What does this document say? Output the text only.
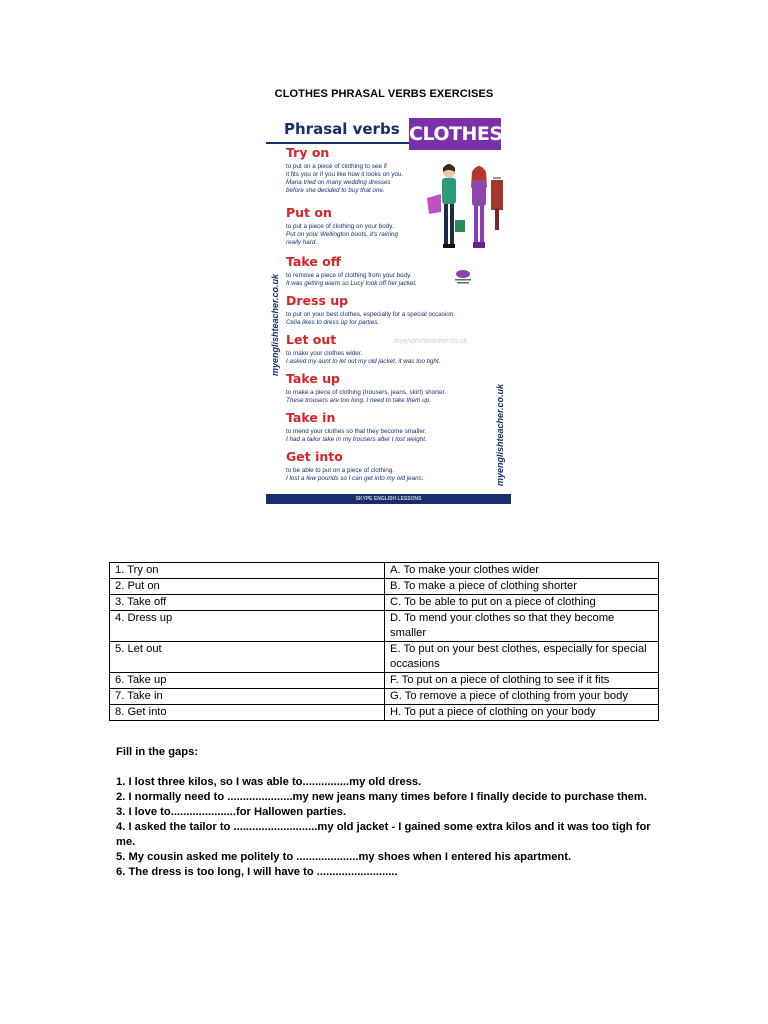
CLOTHES PHRASAL VERBS EXERCISES
Phrasal verbs CLOTHES
myenglishteacher.co.uk
myenglishteacher.co.uk
myenglishteacher.co.uk
Try on
to put on a piece of clothing to see if
it fits you or if you like how it looks on you.
Maria tried on many wedding dresses
before she decided to buy that one.
Put on
to put a piece of clothing on your body.
Put on your Wellington boots, it's raining
really hard.
Take off
to remove a piece of clothing from your body.
It was getting warm so Lucy took off her jacket.
Dress up
to put on your best clothes, especially for a special occasion.
Celia likes to dress up for parties.
Let out
to make your clothes wider.
I asked my aunt to let out my old jacket, it was too tight.
Take up
to make a piece of clothing (trousers, jeans, skirt) shorter.
These trousers are too long. I need to take them up.
Take in
to mend your clothes so that they become smaller.
I had a tailor take in my trousers after I lost weight.
Get into
to be able to put on a piece of clothing.
I lost a few pounds so I can get into my old jeans.
SKYPE ENGLISH LESSONS
1. Try on	A. To make your clothes wider
2. Put on	B. To make a piece of clothing shorter
3. Take off	C. To be able to put on a piece of clothing
4. Dress up	D. To mend your clothes so that they become smaller
5. Let out	E. To put on your best clothes, especially for special occasions
6. Take up	F. To put on a piece of clothing to see if it fits
7. Take in	G. To remove a piece of clothing from your body
8. Get into	H. To put a piece of clothing on your body
Fill in the gaps:
1. I lost three kilos, so I was able to...............my old dress.
2. I normally need to .....................my new jeans many times before I finally decide to purchase them.
3. I love to.....................for Hallowen parties.
4. I asked the tailor to ...........................my old jacket - I gained some extra kilos and it was too tigh for me.
5. My cousin asked me politely to ....................my shoes when I entered his apartment.
6. The dress is too long, I will have to ..........................
